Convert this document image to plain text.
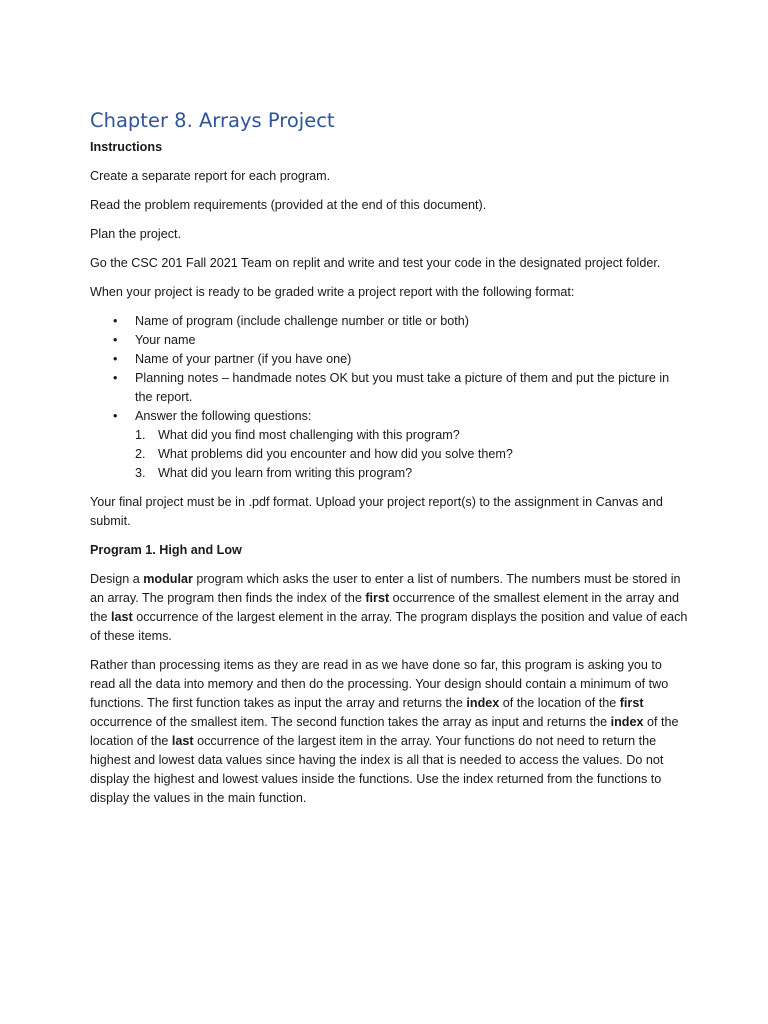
Chapter 8. Arrays Project
Instructions

Create a separate report for each program.

Read the problem requirements (provided at the end of this document).

Plan the project.

Go the CSC 201 Fall 2021 Team on replit and write and test your code in the designated project folder.

When your project is ready to be graded write a project report with the following format:

• Name of program (include challenge number or title or both)
• Your name
• Name of your partner (if you have one)
• Planning notes – handmade notes OK but you must take a picture of them and put the picture in the report.
• Answer the following questions:
1. What did you find most challenging with this program?
2. What problems did you encounter and how did you solve them?
3. What did you learn from writing this program?

Your final project must be in .pdf format. Upload your project report(s) to the assignment in Canvas and submit.

Program 1. High and Low

Design a modular program which asks the user to enter a list of numbers. The numbers must be stored in an array. The program then finds the index of the first occurrence of the smallest element in the array and the last occurrence of the largest element in the array. The program displays the position and value of each of these items.

Rather than processing items as they are read in as we have done so far, this program is asking you to read all the data into memory and then do the processing. Your design should contain a minimum of two functions. The first function takes as input the array and returns the index of the location of the first occurrence of the smallest item. The second function takes the array as input and returns the index of the location of the last occurrence of the largest item in the array. Your functions do not need to return the highest and lowest data values since having the index is all that is needed to access the values. Do not display the highest and lowest values inside the functions. Use the index returned from the functions to display the values in the main function.
